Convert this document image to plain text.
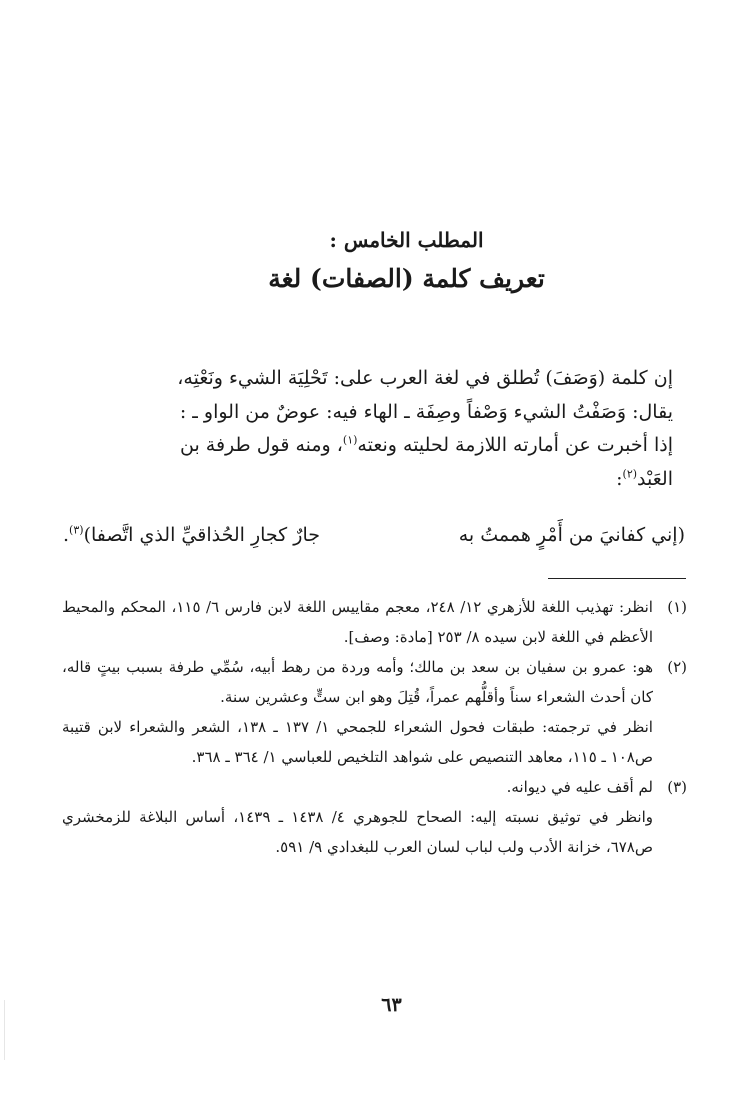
المطلب الخامس :
تعريف كلمة (الصفات) لغة

إن كلمة (وَصَفَ) تُطلق في لغة العرب على: تَحْلِيَة الشيء ونَعْتِه،

يقال: وَصَفْتُ الشيء وَصْفاً وصِفَة ـ الهاء فيه: عوضٌ من الواو ـ :

إذا أخبرت عن أمارته اللازمة لحليته ونعته$^{(١)}$، ومنه قول طرفة بن

العَبْد$^{(٢)}$:

(إني كفانيَ من أَمْرٍ هممتُ به
جارٌ كجارِ الحُذاقيِّ الذي اتَّصفا)$^{(٣)}$.
(١)

انظر: تهذيب اللغة للأزهري ١٢/ ٢٤٨، معجم مقاييس اللغة لابن فارس ٦/ ١١٥، المحكم والمحيط الأعظم في اللغة لابن سيده ٨/ ٢٥٣ [مادة: وصف].

(٢)

هو: عمرو بن سفيان بن سعد بن مالك؛ وأمه وردة من رهط أبيه، سُمِّي طرفة بسبب بيتٍ قاله، كان أحدث الشعراء سناً وأقلُّهم عمراً، قُتِلَ وهو ابن ستٍّ وعشرين سنة.

انظر في ترجمته: طبقات فحول الشعراء للجمحي ١/ ١٣٧ ـ ١٣٨، الشعر والشعراء لابن قتيبة ص١٠٨ ـ ١١٥، معاهد التنصيص على شواهد التلخيص للعباسي ١/ ٣٦٤ ـ ٣٦٨.

(٣)

لم أقف عليه في ديوانه.

وانظر في توثيق نسبته إليه: الصحاح للجوهري ٤/ ١٤٣٨ ـ ١٤٣٩، أساس البلاغة للزمخشري ص٦٧٨، خزانة الأدب ولب لباب لسان العرب للبغدادي ٩/ ٥٩١.

٦٣
